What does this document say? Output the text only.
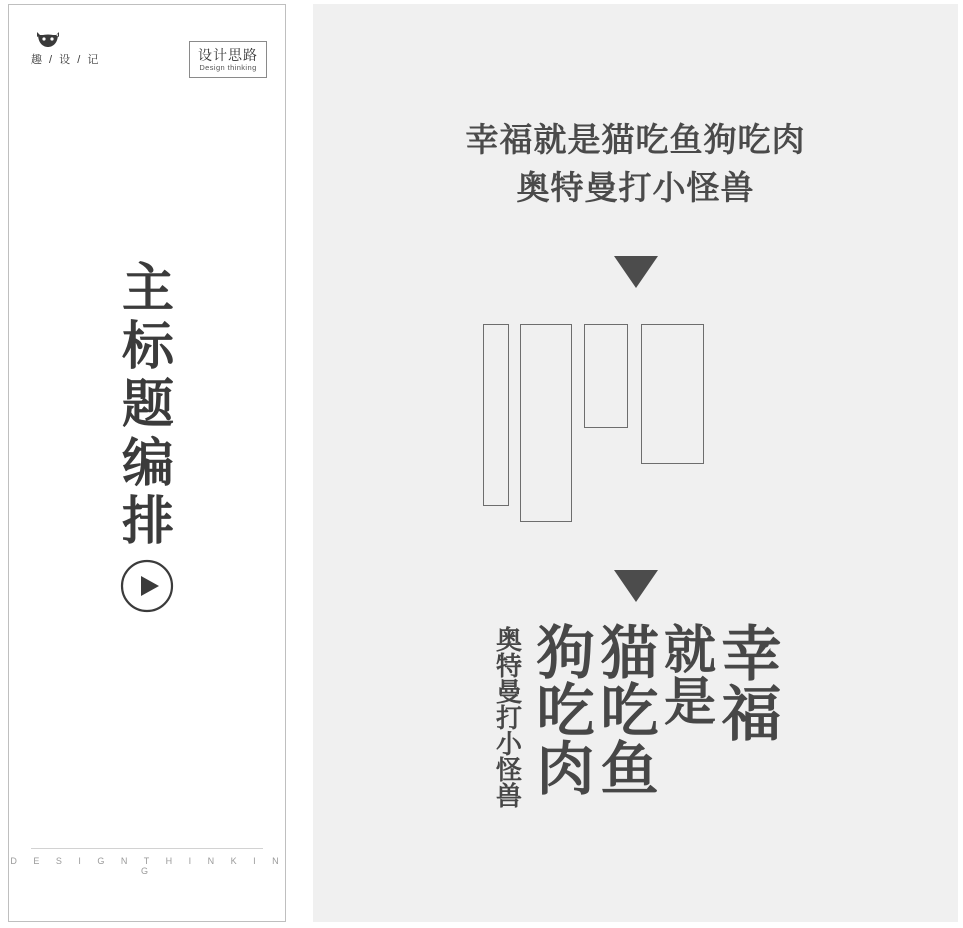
趣 / 设 / 记	设计思路
Design thinking
主
标
题
编
排
D E S I G N T H I N K I N G
幸福就是猫吃鱼狗吃肉
奥特曼打小怪兽
幸福
就是
猫吃鱼
狗吃肉
奥特曼打小怪兽
